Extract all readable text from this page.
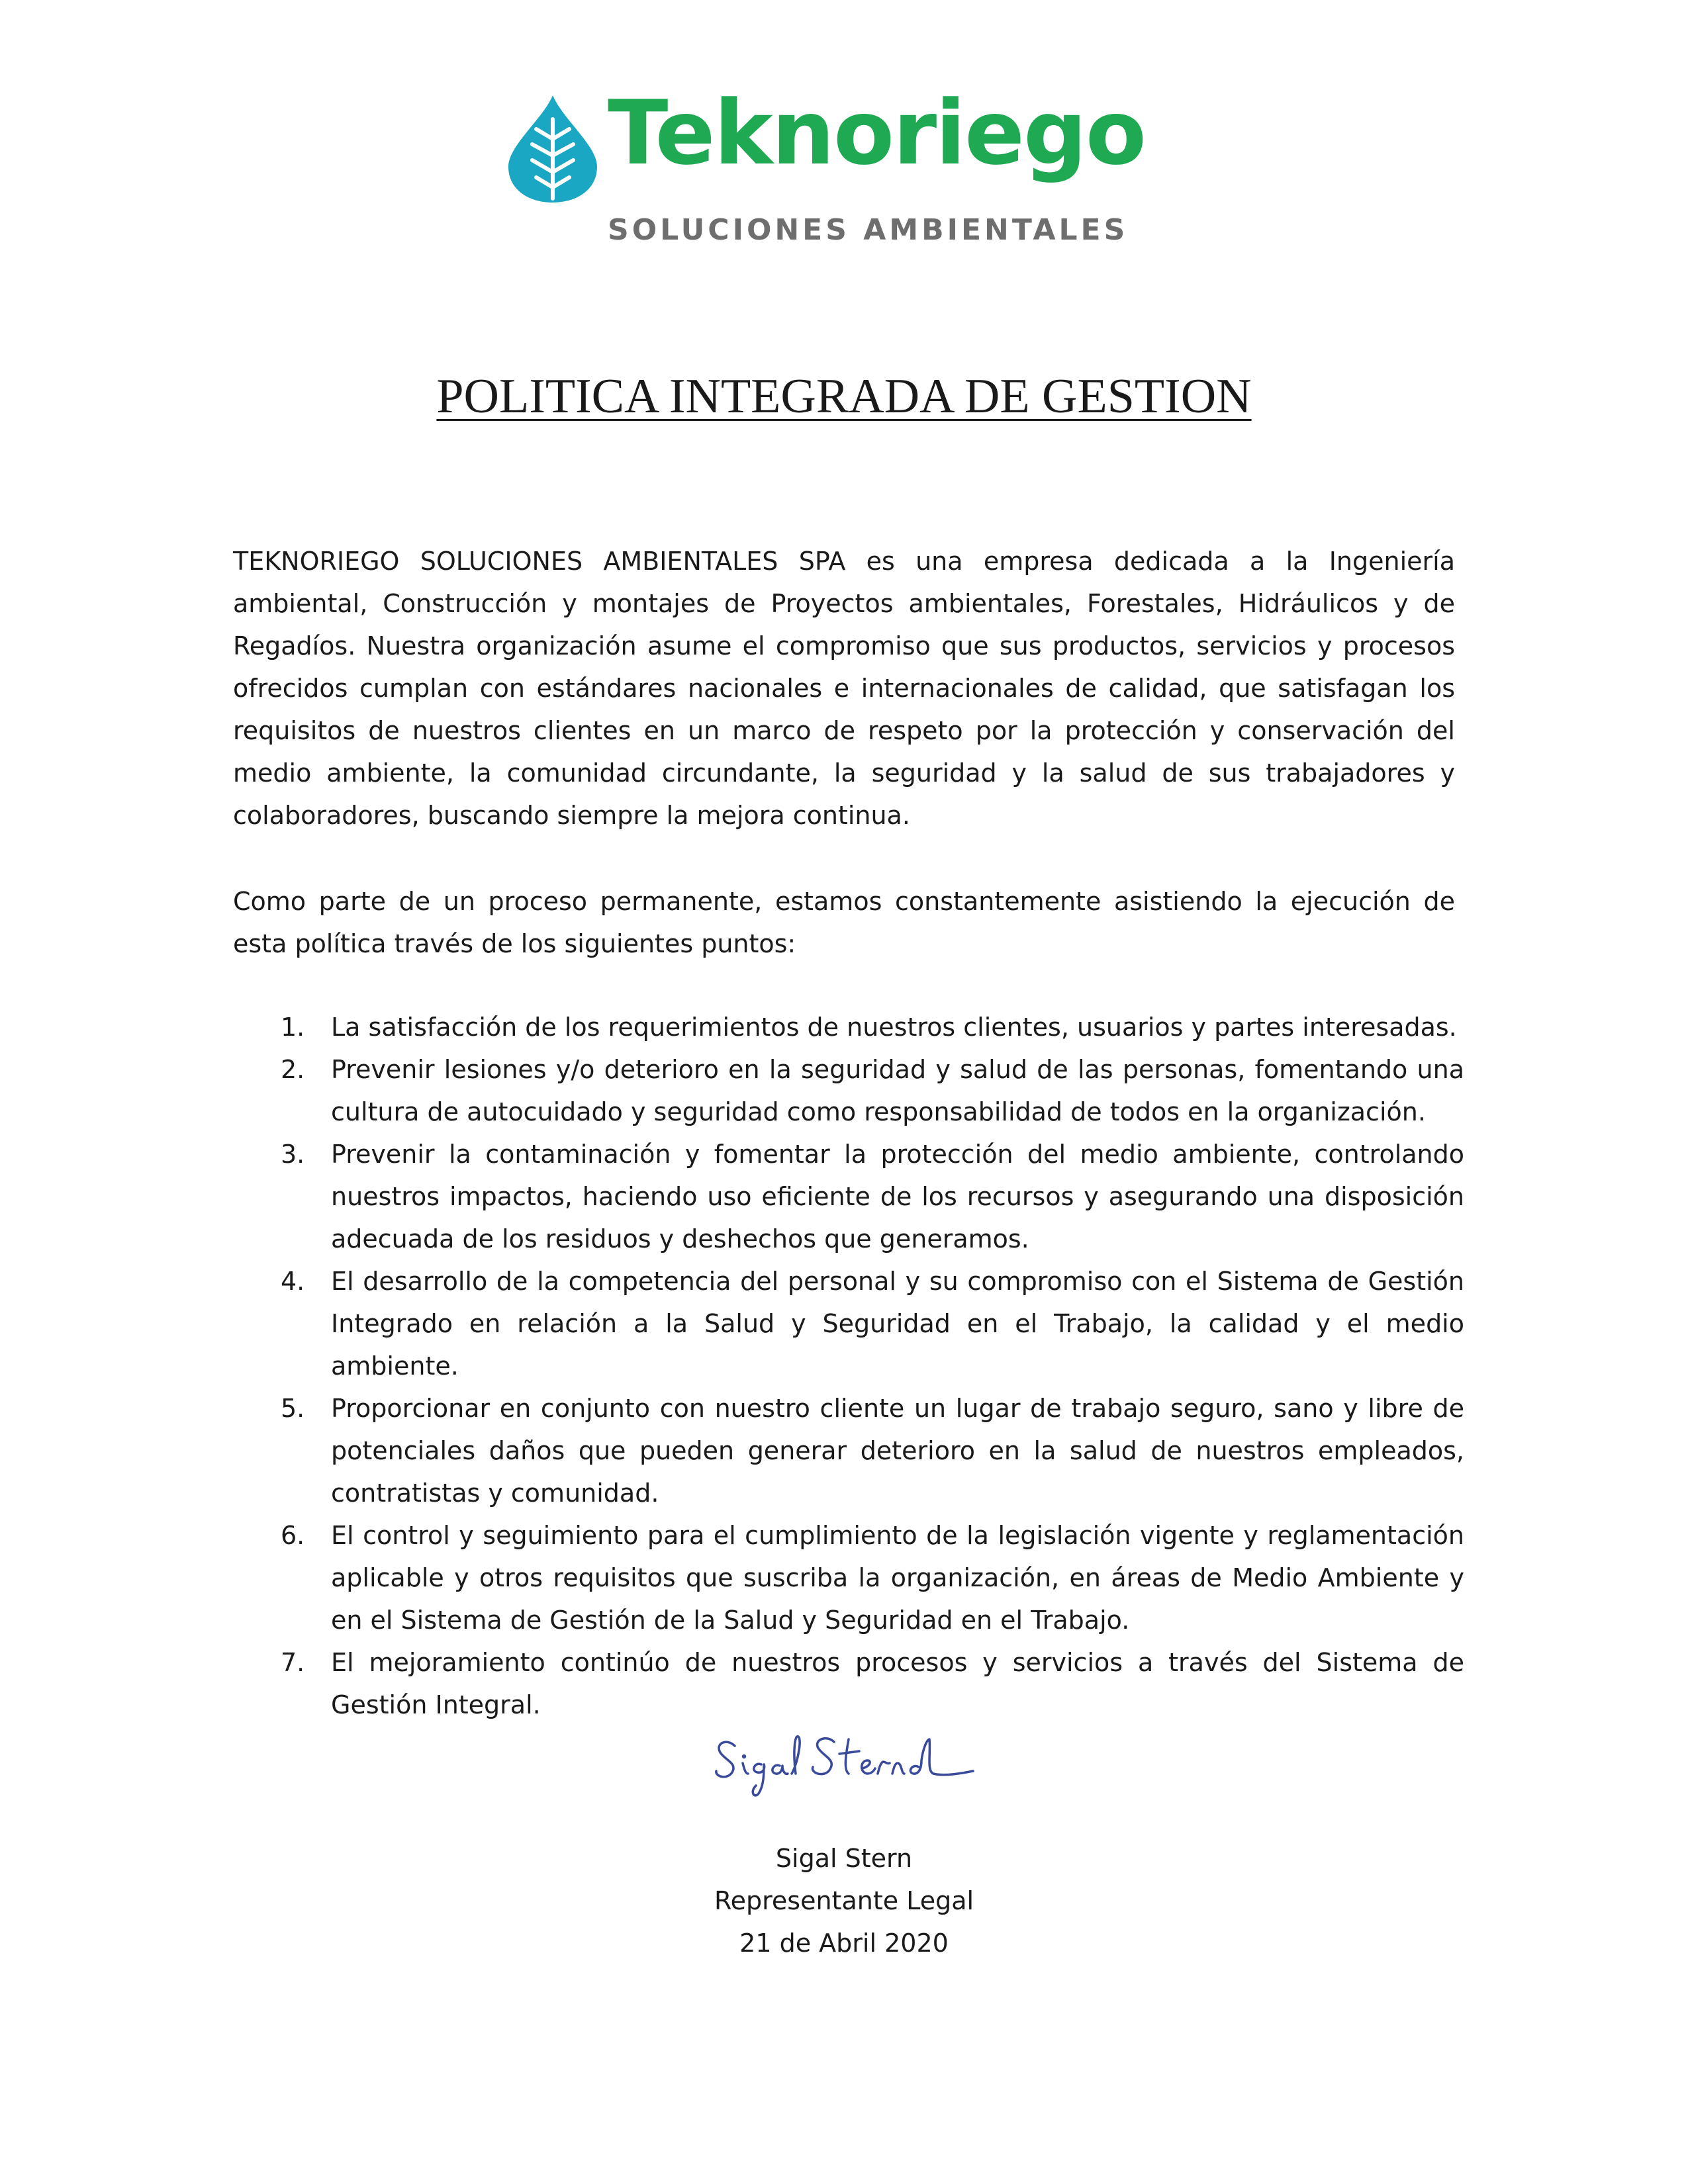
Teknoriego
SOLUCIONES AMBIENTALES
POLITICA INTEGRADA DE GESTION

TEKNORIEGO SOLUCIONES AMBIENTALES SPA es una empresa dedicada a la Ingeniería ambiental, Construcción y montajes de Proyectos ambientales, Forestales, Hidráulicos y de Regadíos. Nuestra organización asume el compromiso que sus productos, servicios y procesos ofrecidos cumplan con estándares nacionales e internacionales de calidad, que satisfagan los requisitos de nuestros clientes en un marco de respeto por la protección y conservación del medio ambiente, la comunidad circundante, la seguridad y la salud de sus trabajadores y colaboradores, buscando siempre la mejora continua.

Como parte de un proceso permanente, estamos constantemente asistiendo la ejecución de esta política través de los siguientes puntos:

1. La satisfacción de los requerimientos de nuestros clientes, usuarios y partes interesadas.
2. Prevenir lesiones y/o deterioro en la seguridad y salud de las personas, fomentando una cultura de autocuidado y seguridad como responsabilidad de todos en la organización.
3. Prevenir la contaminación y fomentar la protección del medio ambiente, controlando nuestros impactos, haciendo uso eficiente de los recursos y asegurando una disposición adecuada de los residuos y deshechos que generamos.
4. El desarrollo de la competencia del personal y su compromiso con el Sistema de Gestión Integrado en relación a la Salud y Seguridad en el Trabajo, la calidad y el medio ambiente.
5. Proporcionar en conjunto con nuestro cliente un lugar de trabajo seguro, sano y libre de potenciales daños que pueden generar deterioro en la salud de nuestros empleados, contratistas y comunidad.
6. El control y seguimiento para el cumplimiento de la legislación vigente y reglamentación aplicable y otros requisitos que suscriba la organización, en áreas de Medio Ambiente y en el Sistema de Gestión de la Salud y Seguridad en el Trabajo.
7. El mejoramiento continúo de nuestros procesos y servicios a través del Sistema de Gestión Integral.
Sigal Stern
Representante Legal
21 de Abril 2020
